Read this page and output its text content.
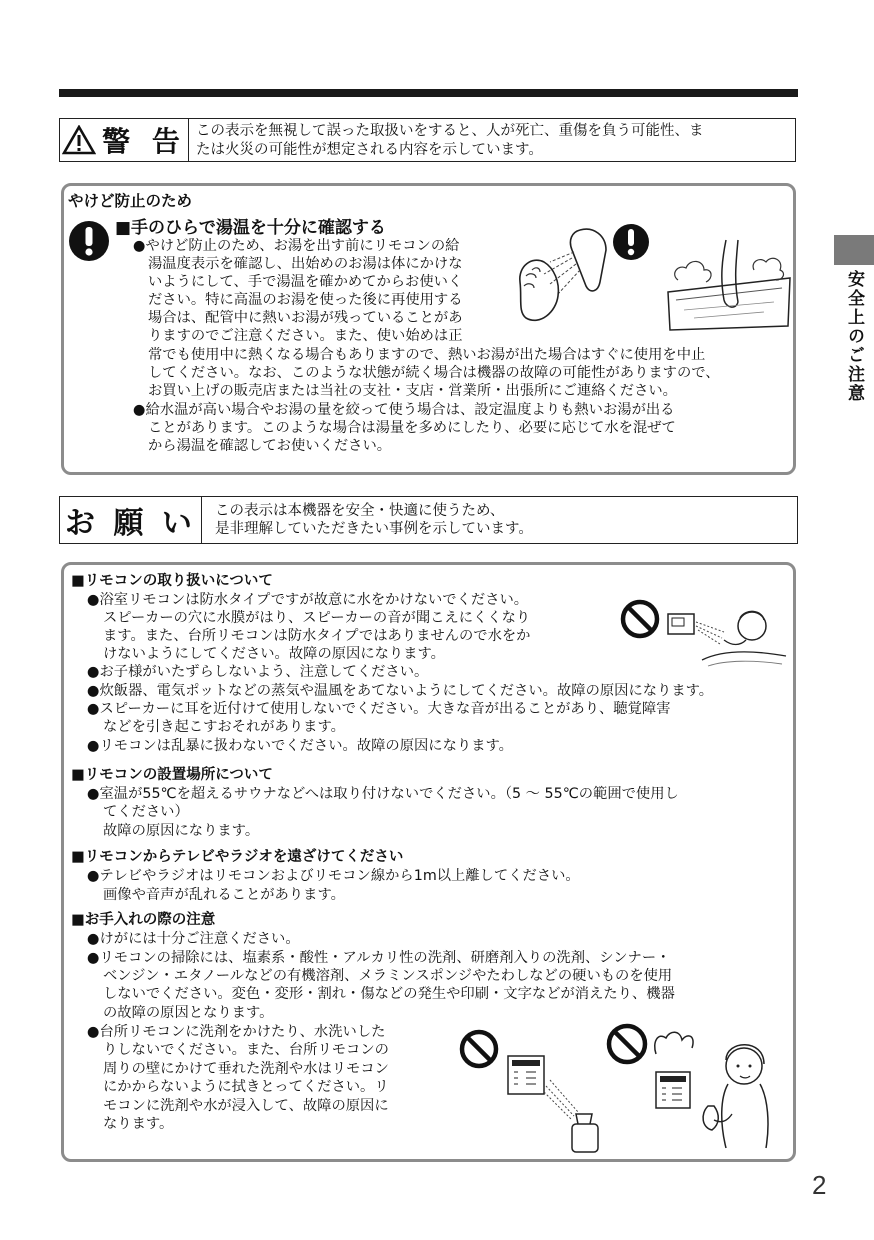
警 告 この表示を無視して誤った取扱いをすると、人が死亡、重傷を負う可能性、ま
たは火災の可能性が想定される内容を示しています。
やけど防止のため
■手のひらで湯温を十分に確認する
●やけど防止のため、お湯を出す前にリモコンの給
湯温度表示を確認し、出始めのお湯は体にかけな
いようにして、手で湯温を確かめてからお使いく
ださい。特に高温のお湯を使った後に再使用する
場合は、配管中に熱いお湯が残っていることがあ
りますのでご注意ください。また、使い始めは正
常でも使用中に熱くなる場合もありますので、熱いお湯が出た場合はすぐに使用を中止
してください。なお、このような状態が続く場合は機器の故障の可能性がありますので、
お買い上げの販売店または当社の支社・支店・営業所・出張所にご連絡ください。
●給水温が高い場合やお湯の量を絞って使う場合は、設定温度よりも熱いお湯が出る
ことがあります。このような場合は湯量を多めにしたり、必要に応じて水を混ぜて
から湯温を確認してお使いください。
お 願 い	この表示は本機器を安全・快適に使うため、
是非理解していただきたい事例を示しています。
■リモコンの取り扱いについて
●浴室リモコンは防水タイプですが故意に水をかけないでください。
スピーカーの穴に水膜がはり、スピーカーの音が聞こえにくくなり
ます。また、台所リモコンは防水タイプではありませんので水をか
けないようにしてください。故障の原因になります。
●お子様がいたずらしないよう、注意してください。
●炊飯器、電気ポットなどの蒸気や温風をあてないようにしてください。故障の原因になります。
●スピーカーに耳を近付けて使用しないでください。大きな音が出ることがあり、聴覚障害
などを引き起こすおそれがあります。
●リモコンは乱暴に扱わないでください。故障の原因になります。
■リモコンの設置場所について
●室温が55℃を超えるサウナなどへは取り付けないでください。（5 ～ 55℃の範囲で使用し
てください）
故障の原因になります。
■リモコンからテレビやラジオを遠ざけてください
●テレビやラジオはリモコンおよびリモコン線から1m以上離してください。
画像や音声が乱れることがあります。
■お手入れの際の注意
●けがには十分ご注意ください。
●リモコンの掃除には、塩素系・酸性・アルカリ性の洗剤、研磨剤入りの洗剤、シンナー・
ベンジン・エタノールなどの有機溶剤、メラミンスポンジやたわしなどの硬いものを使用
しないでください。変色・変形・割れ・傷などの発生や印刷・文字などが消えたり、機器
の故障の原因となります。
●台所リモコンに洗剤をかけたり、水洗いした
りしないでください。また、台所リモコンの
周りの壁にかけて垂れた洗剤や水はリモコン
にかからないように拭きとってください。リ
モコンに洗剤や水が浸入して、故障の原因に
なります。
安全上のご注意
2
